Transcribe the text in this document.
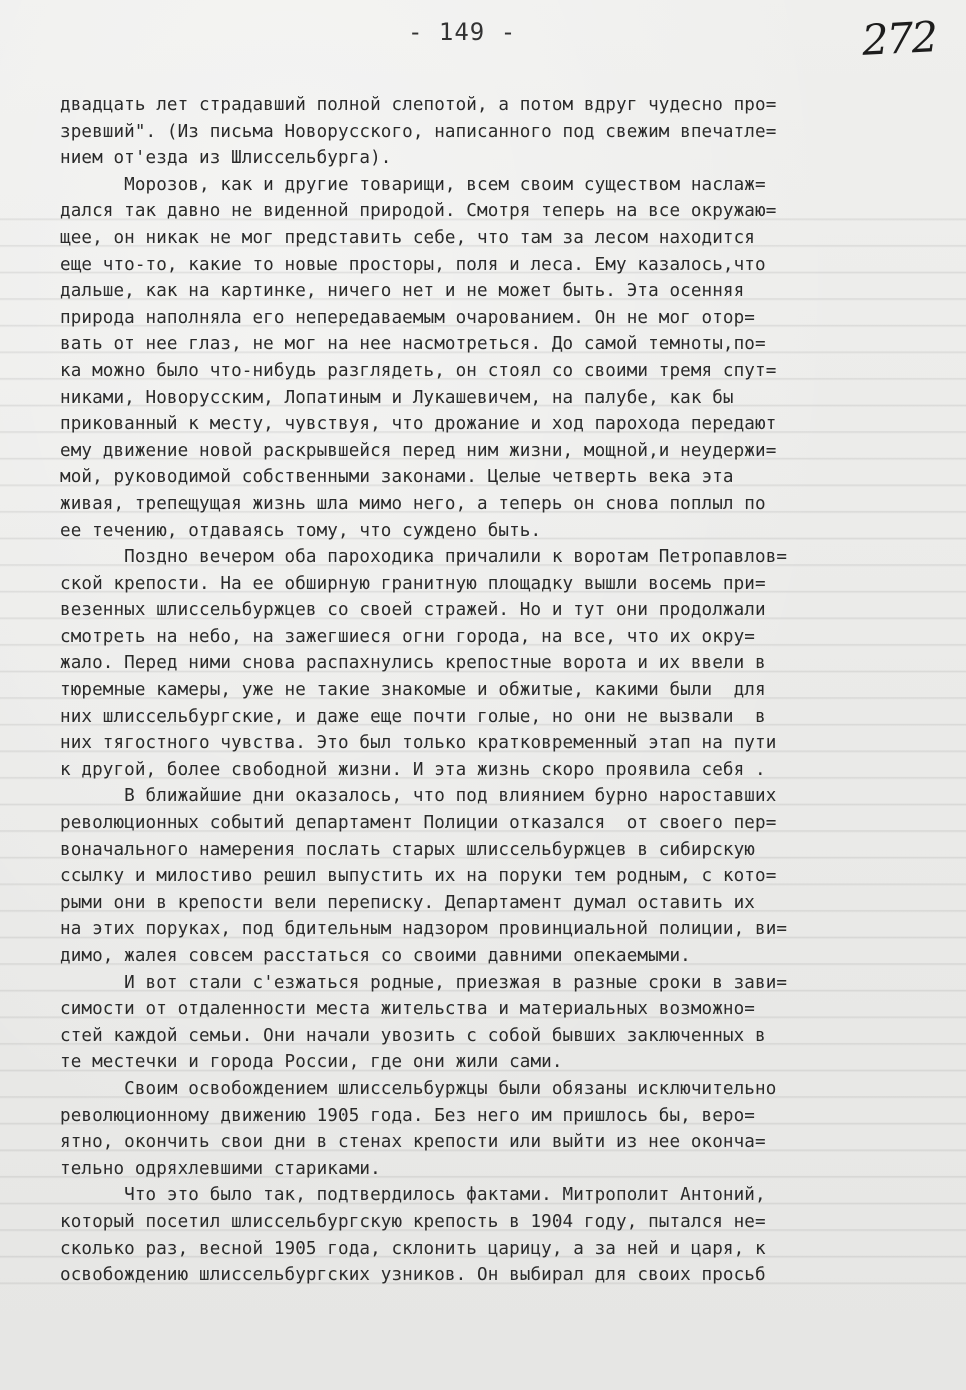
- 149 -	272
двадцать лет страдавший полной слепотой, а потом вдруг чудесно про=
зревший". (Из письма Новорусского, написанного под свежим впечатле=
нием от'езда из Шлиссельбурга).
Морозов, как и другие товарищи, всем своим существом наслаж=
дался так давно не виденной природой. Смотря теперь на все окружаю=
щее, он никак не мог представить себе, что там за лесом находится
еще что-то, какие то новые просторы, поля и леса. Ему казалось,что
дальше, как на картинке, ничего нет и не может быть. Эта осенняя
природа наполняла его непередаваемым очарованием. Он не мог отор=
вать от нее глаз, не мог на нее насмотреться. До самой темноты,по=
ка можно было что-нибудь разглядеть, он стоял со своими тремя спут=
никами, Новорусским, Лопатиным и Лукашевичем, на палубе, как бы
прикованный к месту, чувствуя, что дрожание и ход парохода передают
ему движение новой раскрывшейся перед ним жизни, мощной,и неудержи=
мой, руководимой собственными законами. Целые четверть века эта
живая, трепещущая жизнь шла мимо него, а теперь он снова поплыл по
ее течению, отдаваясь тому, что суждено быть.
Поздно вечером оба пароходика причалили к воротам Петропавлов=
ской крепости. На ее обширную гранитную площадку вышли восемь при=
везенных шлиссельбуржцев со своей стражей. Но и тут они продолжали
смотреть на небо, на зажегшиеся огни города, на все, что их окру=
жало. Перед ними снова распахнулись крепостные ворота и их ввели в
тюремные камеры, уже не такие знакомые и обжитые, какими были  для
них шлиссельбургские, и даже еще почти голые, но они не вызвали  в
них тягостного чувства. Это был только кратковременный этап на пути
к другой, более свободной жизни. И эта жизнь скоро проявила себя .
В ближайшие дни оказалось, что под влиянием бурно нароставших
революционных событий департамент Полиции отказался  от своего пер=
воначального намерения послать старых шлиссельбуржцев в сибирскую
ссылку и милостиво решил выпустить их на поруки тем родным, с кото=
рыми они в крепости вели переписку. Департамент думал оставить их
на этих поруках, под бдительным надзором провинциальной полиции, ви=
димо, жалея совсем расстаться со своими давними опекаемыми.
И вот стали с'езжаться родные, приезжая в разные сроки в зави=
симости от отдаленности места жительства и материальных возможно=
стей каждой семьи. Они начали увозить с собой бывших заключенных в
те местечки и города России, где они жили сами.
Своим освобождением шлиссельбуржцы были обязаны исключительно
революционному движению 1905 года. Без него им пришлось бы, веро=
ятно, окончить свои дни в стенах крепости или выйти из нее оконча=
тельно одряхлевшими стариками.
Что это было так, подтвердилось фактами. Митрополит Антоний,
который посетил шлиссельбургскую крепость в 1904 году, пытался не=
сколько раз, весной 1905 года, склонить царицу, а за ней и царя, к
освобождению шлиссельбургских узников. Он выбирал для своих просьб
